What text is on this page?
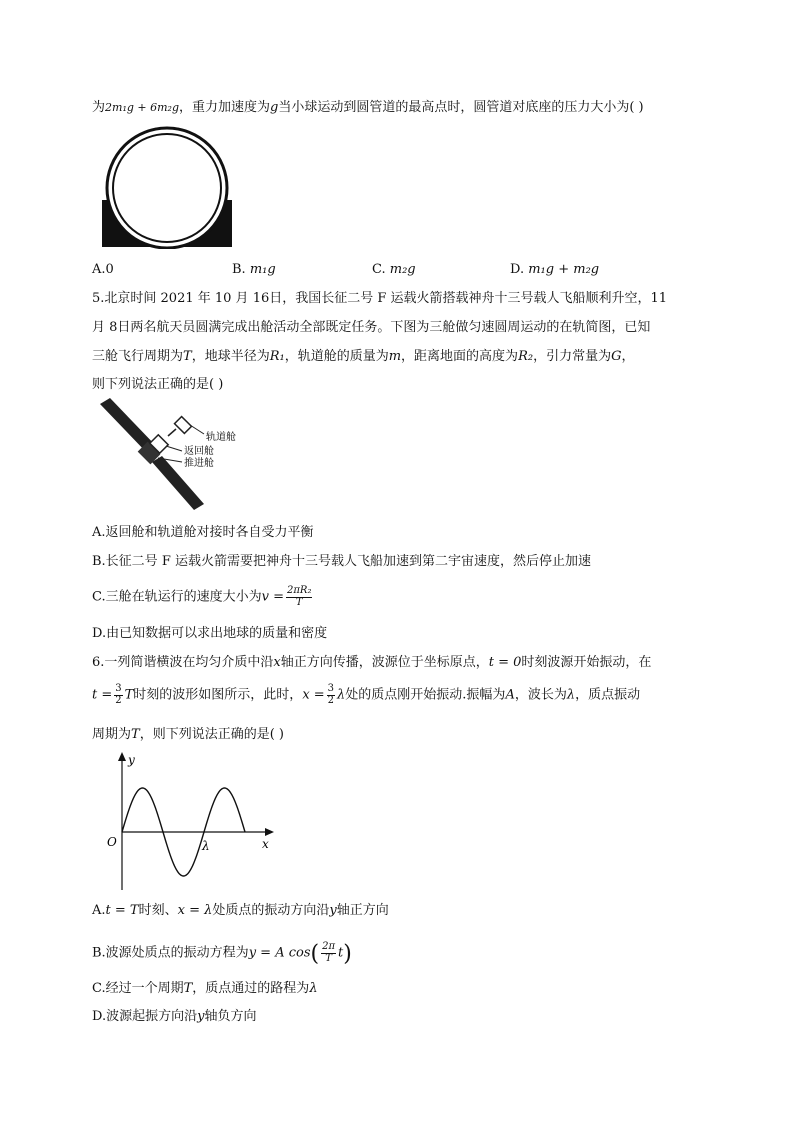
为2m₁g + 6m₂g，重力加速度为g当小球运动到圆管道的最高点时，圆管道对底座的压力大小为( )
A.0	B. m₁g	C. m₂g	D. m₁g + m₂g
5.北京时间 2021 年 10 月 16日，我国长征二号 F 运载火箭搭载神舟十三号载人飞船顺利升空，11
月 8日两名航天员圆满完成出舱活动全部既定任务。下图为三舱做匀速圆周运动的在轨简图，已知
三舱飞行周期为T，地球半径为R₁，轨道舱的质量为m，距离地面的高度为R₂，引力常量为G，
则下列说法正确的是( )
轨道舱
返回舱
推进舱
A.返回舱和轨道舱对接时各自受力平衡
B.长征二号 F 运载火箭需要把神舟十三号载人飞船加速到第二宇宙速度，然后停止加速
C.三舱在轨运行的速度大小为$v = \frac{\text{2πR₂}}{T}$
D.由已知数据可以求出地球的质量和密度
6.一列简谐横波在均匀介质中沿x轴正方向传播，波源位于坐标原点，t = 0时刻波源开始振动，在
$t = \frac{3}{2}$ T时刻的波形如图所示，此时，$x = \frac{3}{2}$ λ处的质点刚开始振动.振幅为A，波长为λ，质点振动
周期为T，则下列说法正确的是( )
y
x
O	λ
A.t = T时刻、x = λ处质点的振动方向沿y轴正方向
B.波源处质点的振动方程为y = A $\cos( \frac{2\pi}{T} t)$
C.经过一个周期T，质点通过的路程为λ
D.波源起振方向沿y轴负方向
